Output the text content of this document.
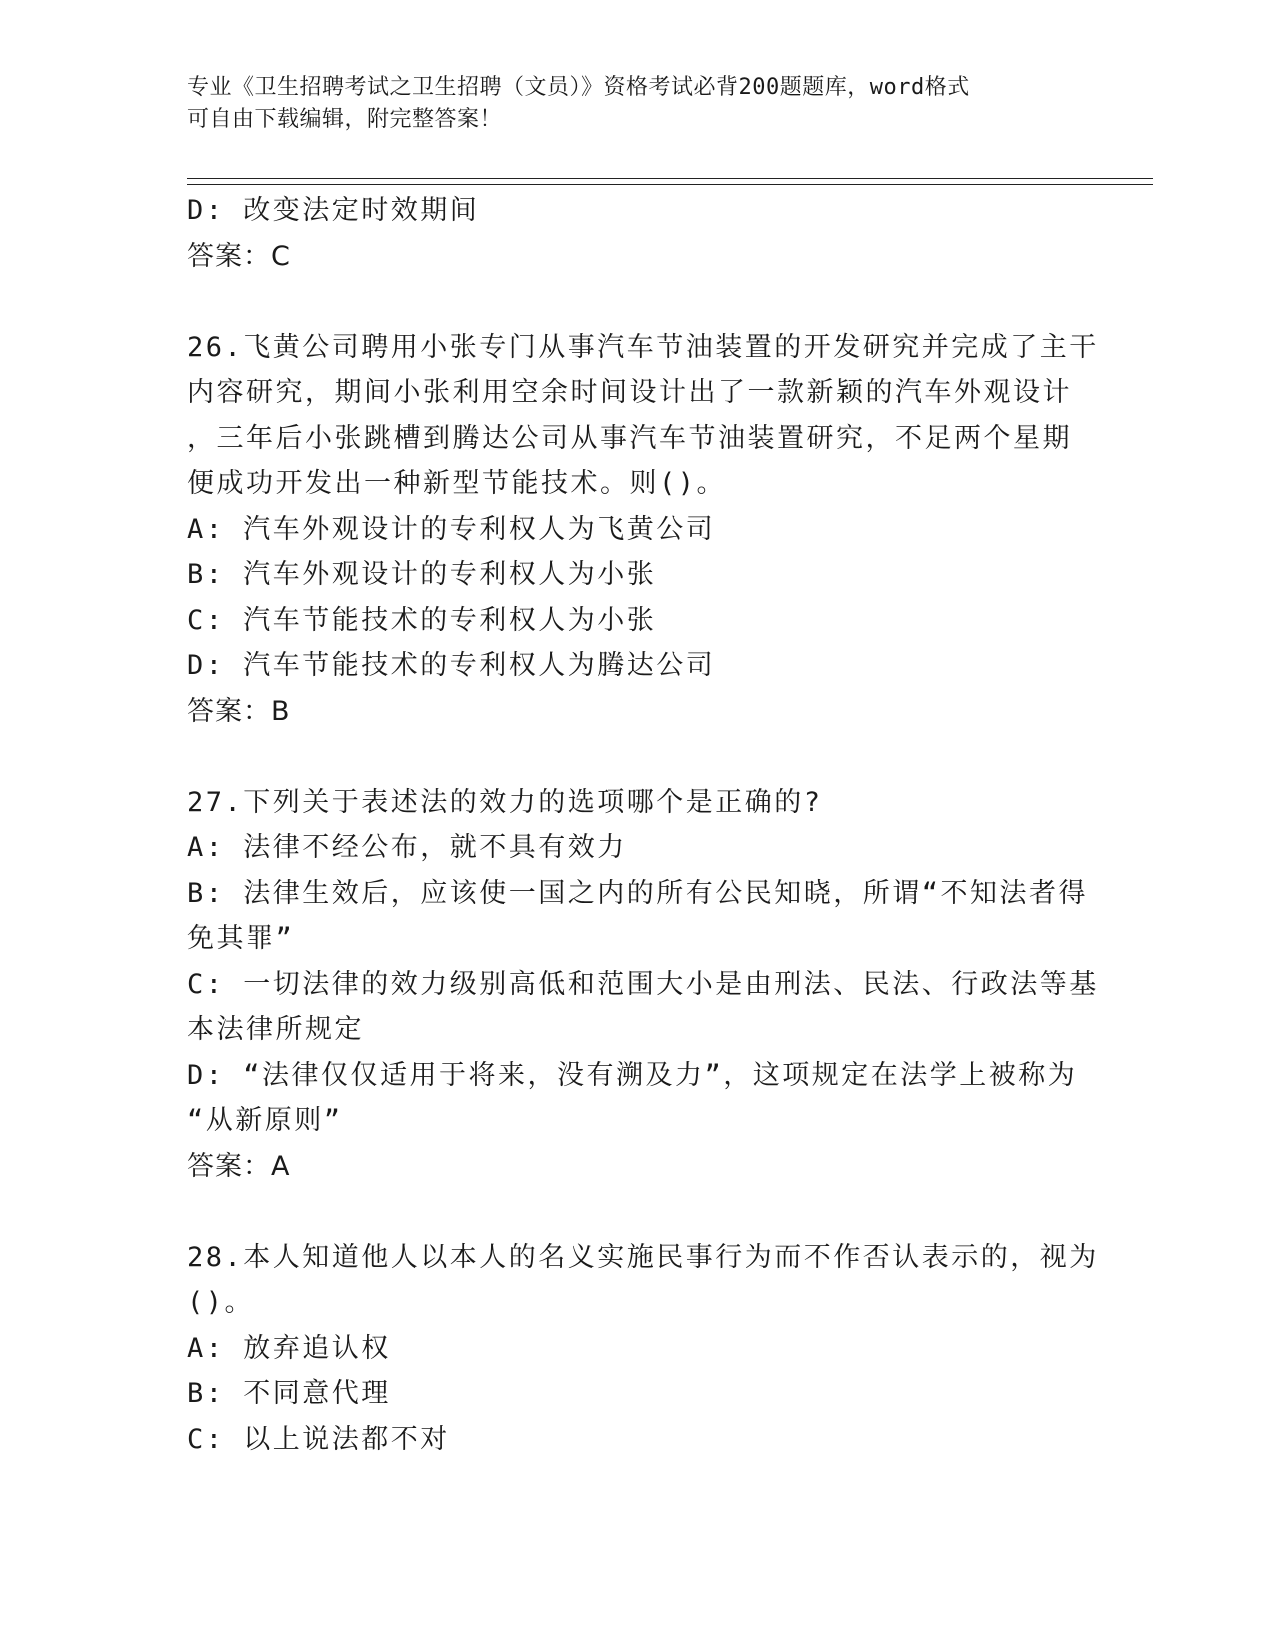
专业《卫生招聘考试之卫生招聘（文员）》资格考试必背200题题库，word格式
可自由下载编辑，附完整答案！
D: 改变法定时效期间
答案：C
26.飞黄公司聘用小张专门从事汽车节油装置的开发研究并完成了主干
内容研究，期间小张利用空余时间设计出了一款新颖的汽车外观设计
，三年后小张跳槽到腾达公司从事汽车节油装置研究，不足两个星期
便成功开发出一种新型节能技术。则()。
A: 汽车外观设计的专利权人为飞黄公司
B: 汽车外观设计的专利权人为小张
C: 汽车节能技术的专利权人为小张
D: 汽车节能技术的专利权人为腾达公司
答案：B
27.下列关于表述法的效力的选项哪个是正确的?
A: 法律不经公布，就不具有效力
B: 法律生效后，应该使一国之内的所有公民知晓，所谓“不知法者得
免其罪”
C: 一切法律的效力级别高低和范围大小是由刑法、民法、行政法等基
本法律所规定
D: “法律仅仅适用于将来，没有溯及力”，这项规定在法学上被称为
“从新原则”
答案：A
28.本人知道他人以本人的名义实施民事行为而不作否认表示的，视为
()。
A: 放弃追认权
B: 不同意代理
C: 以上说法都不对
